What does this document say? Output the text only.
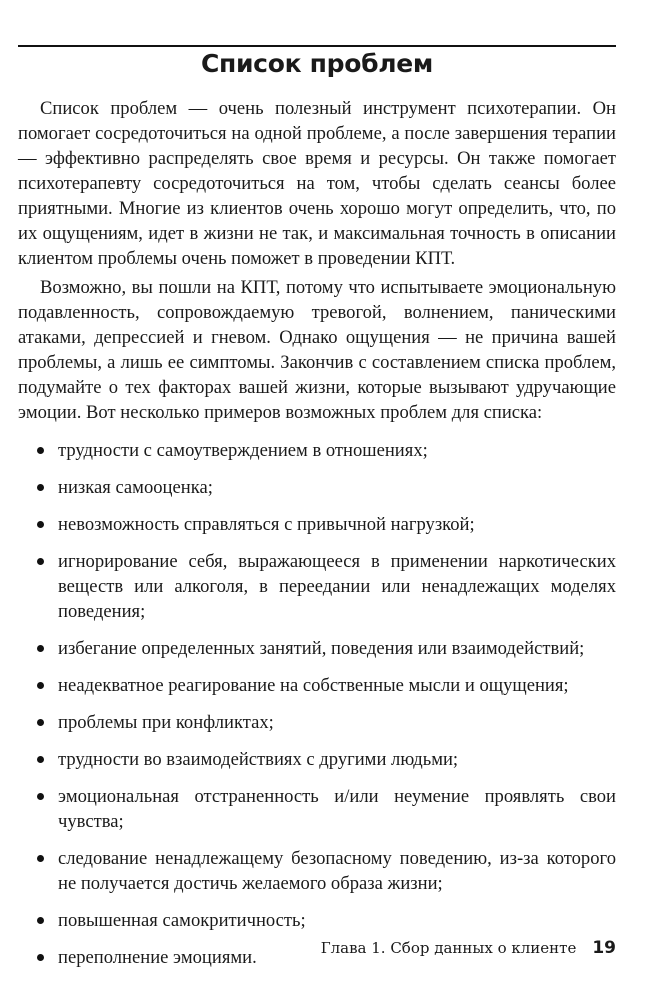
Список проблем

Список проблем — очень полезный инструмент психотерапии. Он помогает сосредоточиться на одной проблеме, а после завершения терапии — эффективно распределять свое время и ресурсы. Он также помогает психотерапевту сосредоточиться на том, чтобы сделать сеансы более приятными. Многие из клиентов очень хорошо могут определить, что, по их ощущениям, идет в жизни не так, и максимальная точность в описании клиентом проблемы очень поможет в проведении КПТ.

Возможно, вы пошли на КПТ, потому что испытываете эмоциональную подавленность, сопровождаемую тревогой, волнением, паническими атаками, депрессией и гневом. Однако ощущения — не причина вашей проблемы, а лишь ее симптомы. Закончив с составлением списка проблем, подумайте о тех факторах вашей жизни, которые вызывают удручающие эмоции. Вот несколько примеров возможных проблем для списка:

трудности с самоутверждением в отношениях;
низкая самооценка;
невозможность справляться с привычной нагрузкой;
игнорирование себя, выражающееся в применении наркотических веществ или алкоголя, в переедании или ненадлежащих моделях поведения;
избегание определенных занятий, поведения или взаимодействий;
неадекватное реагирование на собственные мысли и ощущения;
проблемы при конфликтах;
трудности во взаимодействиях с другими людьми;
эмоциональная отстраненность и/или неумение проявлять свои чувства;
следование ненадлежащему безопасному поведению, из-за которого не получается достичь желаемого образа жизни;
повышенная самокритичность;
переполнение эмоциями.	Глава 1. Сбор данных о клиенте 19
